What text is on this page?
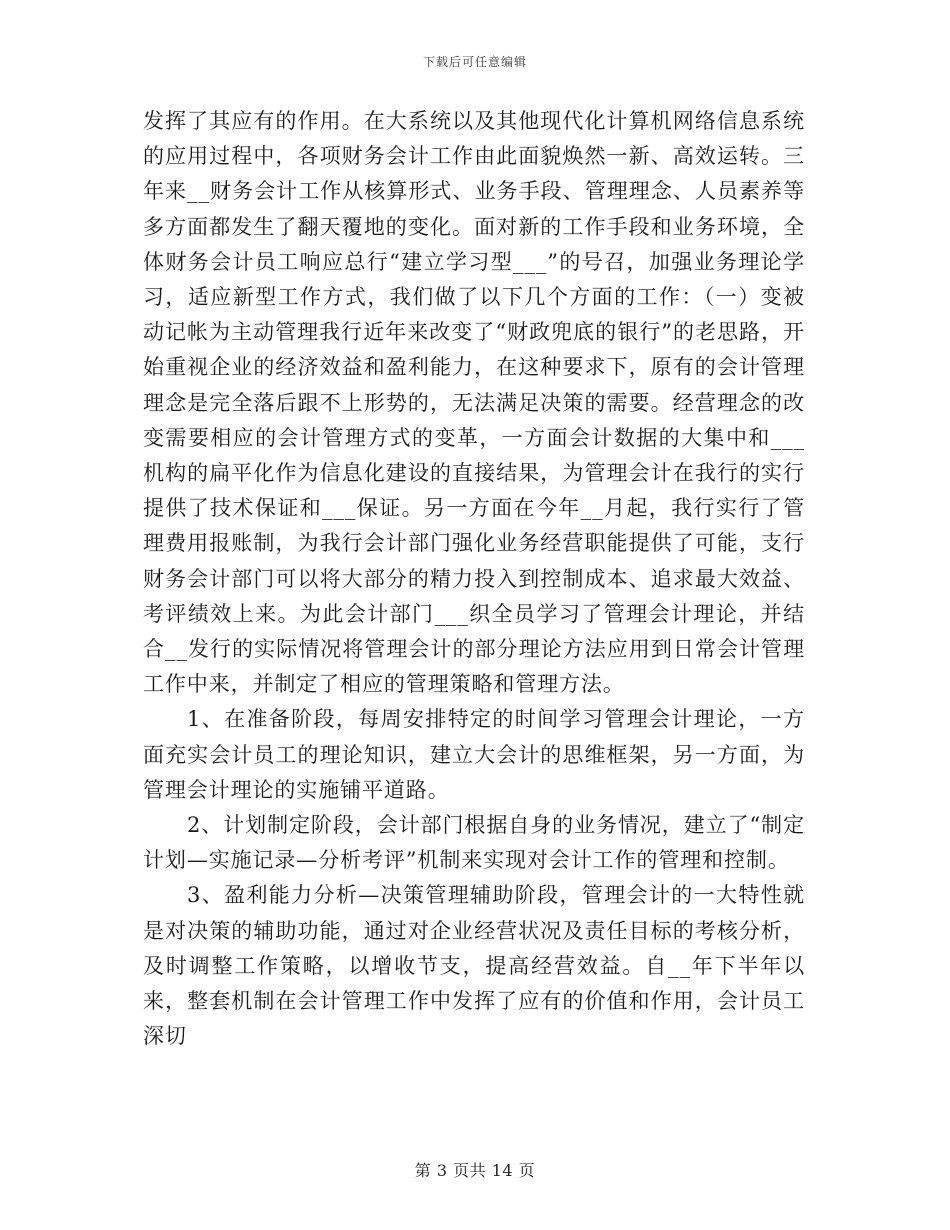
下载后可任意编辑

发挥了其应有的作用。在大系统以及其他现代化计算机网络信息系统的应用过程中，各项财务会计工作由此面貌焕然一新、高效运转。三年来__财务会计工作从核算形式、业务手段、管理理念、人员素养等多方面都发生了翻天覆地的变化。面对新的工作手段和业务环境，全体财务会计员工响应总行“建立学习型___”的号召，加强业务理论学习，适应新型工作方式，我们做了以下几个方面的工作：（一）变被动记帐为主动管理我行近年来改变了“财政兜底的银行”的老思路，开始重视企业的经济效益和盈利能力，在这种要求下，原有的会计管理理念是完全落后跟不上形势的，无法满足决策的需要。经营理念的改变需要相应的会计管理方式的变革，一方面会计数据的大集中和___机构的扁平化作为信息化建设的直接结果，为管理会计在我行的实行提供了技术保证和___保证。另一方面在今年__月起，我行实行了管理费用报账制，为我行会计部门强化业务经营职能提供了可能，支行财务会计部门可以将大部分的精力投入到控制成本、追求最大效益、考评绩效上来。为此会计部门___织全员学习了管理会计理论，并结合__发行的实际情况将管理会计的部分理论方法应用到日常会计管理工作中来，并制定了相应的管理策略和管理方法。

1、在准备阶段，每周安排特定的时间学习管理会计理论，一方面充实会计员工的理论知识，建立大会计的思维框架，另一方面，为管理会计理论的实施铺平道路。

2、计划制定阶段，会计部门根据自身的业务情况，建立了“制定计划—实施记录—分析考评”机制来实现对会计工作的管理和控制。

3、盈利能力分析—决策管理辅助阶段，管理会计的一大特性就是对决策的辅助功能，通过对企业经营状况及责任目标的考核分析，及时调整工作策略，以增收节支，提高经营效益。自__年下半年以来，整套机制在会计管理工作中发挥了应有的价值和作用，会计员工深切

第 3 页共 14 页
